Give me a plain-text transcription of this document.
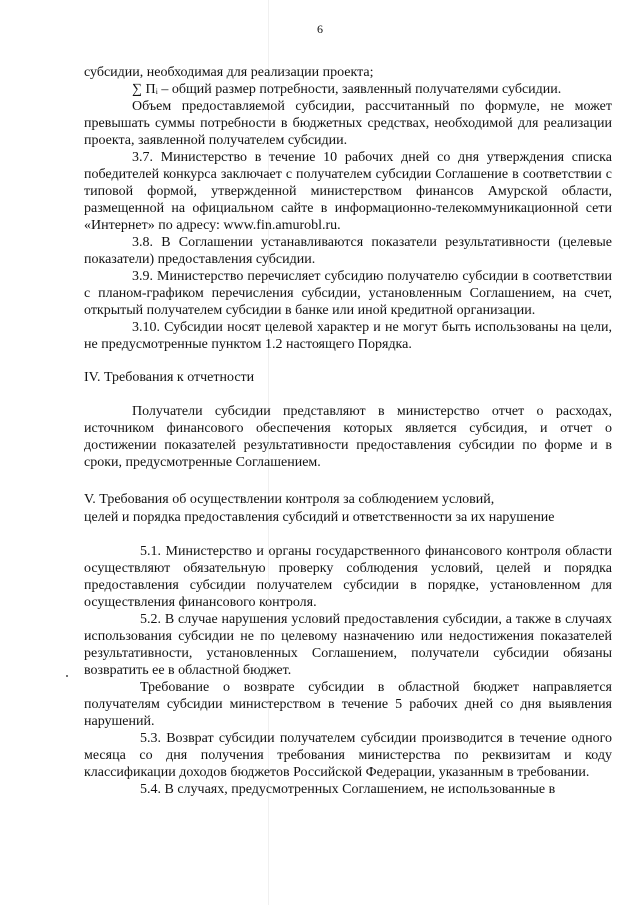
6

субсидии, необходимая для реализации проекта;

∑ Пᵢ – общий размер потребности, заявленный получателями субсидии.

Объем предоставляемой субсидии, рассчитанный по формуле, не может превышать суммы потребности в бюджетных средствах, необходимой для реализации проекта, заявленной получателем субсидии.

3.7. Министерство в течение 10 рабочих дней со дня утверждения списка победителей конкурса заключает с получателем субсидии Соглашение в соответствии с типовой формой, утвержденной министерством финансов Амурской области, размещенной на официальном сайте в информационно-телекоммуникационной сети «Интернет» по адресу: www.fin.amurobl.ru.

3.8. В Соглашении устанавливаются показатели результативности (целевые показатели) предоставления субсидии.

3.9. Министерство перечисляет субсидию получателю субсидии в соответствии с планом-графиком перечисления субсидии, установленным Соглашением, на счет, открытый получателем субсидии в банке или иной кредитной организации.

3.10. Субсидии носят целевой характер и не могут быть использованы на цели, не предусмотренные пунктом 1.2 настоящего Порядка.

IV. Требования к отчетности

Получатели субсидии представляют в министерство отчет о расходах, источником финансового обеспечения которых является субсидия, и отчет о достижении показателей результативности предоставления субсидии по форме и в сроки, предусмотренные Соглашением.

V. Требования об осуществлении контроля за соблюдением условий,

целей и порядка предоставления субсидий и ответственности за их нарушение

5.1. Министерство и органы государственного финансового контроля области осуществляют обязательную проверку соблюдения условий, целей и порядка предоставления субсидии получателем субсидии в порядке, установленном для осуществления финансового контроля.

5.2. В случае нарушения условий предоставления субсидии, а также в случаях использования субсидии не по целевому назначению или недостижения показателей результативности, установленных Соглашением, получатели субсидии обязаны возвратить ее в областной бюджет.

Требование о возврате субсидии в областной бюджет направляется получателям субсидии министерством в течение 5 рабочих дней со дня выявления нарушений.

5.3. Возврат субсидии получателем субсидии производится в течение одного месяца со дня получения требования министерства по реквизитам и коду классификации доходов бюджетов Российской Федерации, указанным в требовании.

5.4. В случаях, предусмотренных Соглашением, не использованные в
